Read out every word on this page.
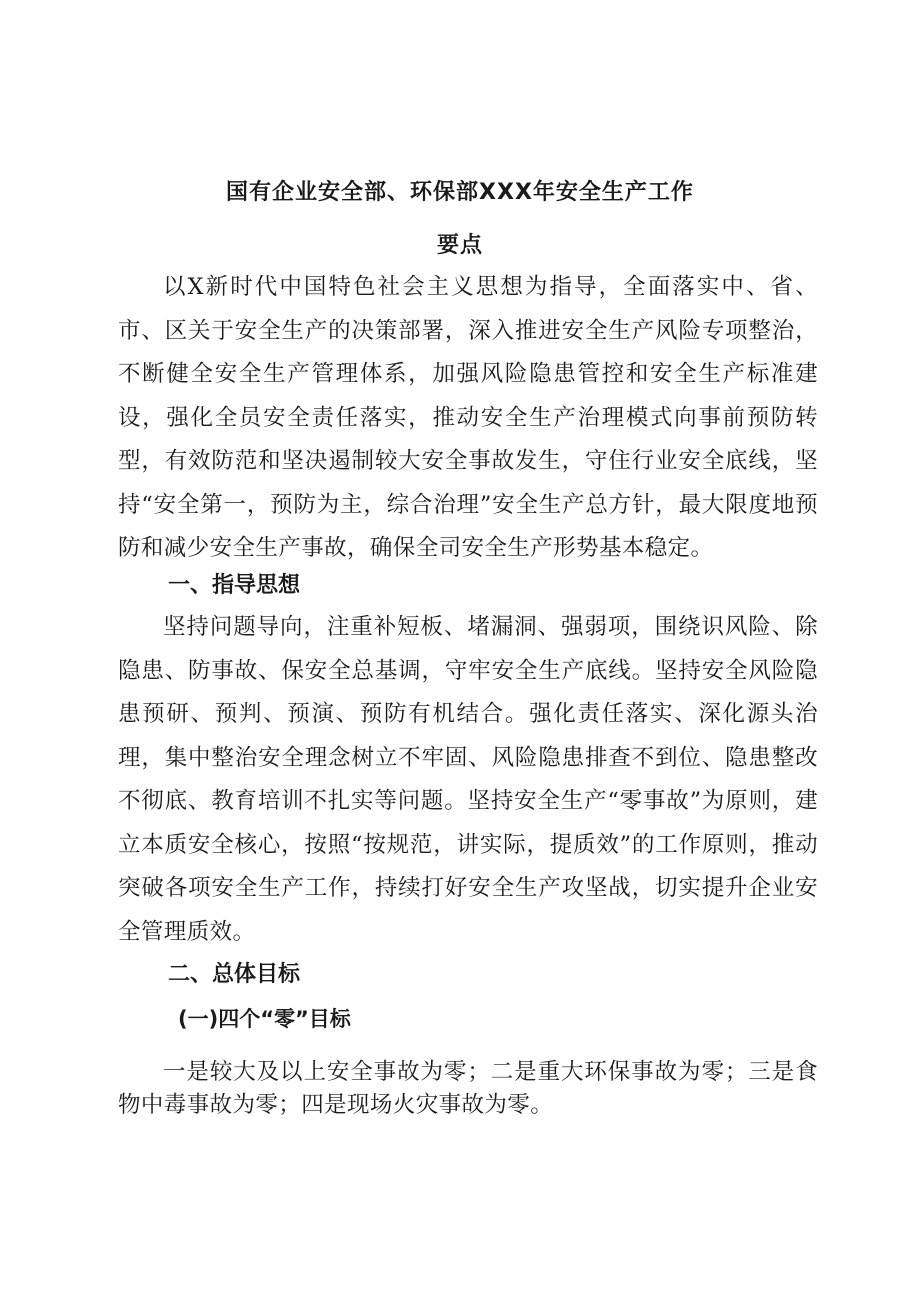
国有企业安全部、环保部XXX年安全生产工作
要点

以X新时代中国特色社会主义思想为指导，全面落实中、省、市、区关于安全生产的决策部署，深入推进安全生产风险专项整治，不断健全安全生产管理体系，加强风险隐患管控和安全生产标准建设，强化全员安全责任落实，推动安全生产治理模式向事前预防转型，有效防范和坚决遏制较大安全事故发生，守住行业安全底线，坚持“安全第一，预防为主，综合治理”安全生产总方针，最大限度地预防和减少安全生产事故，确保全司安全生产形势基本稳定。

一、指导思想

坚持问题导向，注重补短板、堵漏洞、强弱项，围绕识风险、除隐患、防事故、保安全总基调，守牢安全生产底线。坚持安全风险隐患预研、预判、预演、预防有机结合。强化责任落实、深化源头治理，集中整治安全理念树立不牢固、风险隐患排查不到位、隐患整改不彻底、教育培训不扎实等问题。坚持安全生产“零事故”为原则，建立本质安全核心，按照“按规范，讲实际，提质效”的工作原则，推动突破各项安全生产工作，持续打好安全生产攻坚战，切实提升企业安全管理质效。

二、总体目标
(一)四个“零”目标

一是较大及以上安全事故为零；二是重大环保事故为零；三是食物中毒事故为零；四是现场火灾事故为零。
